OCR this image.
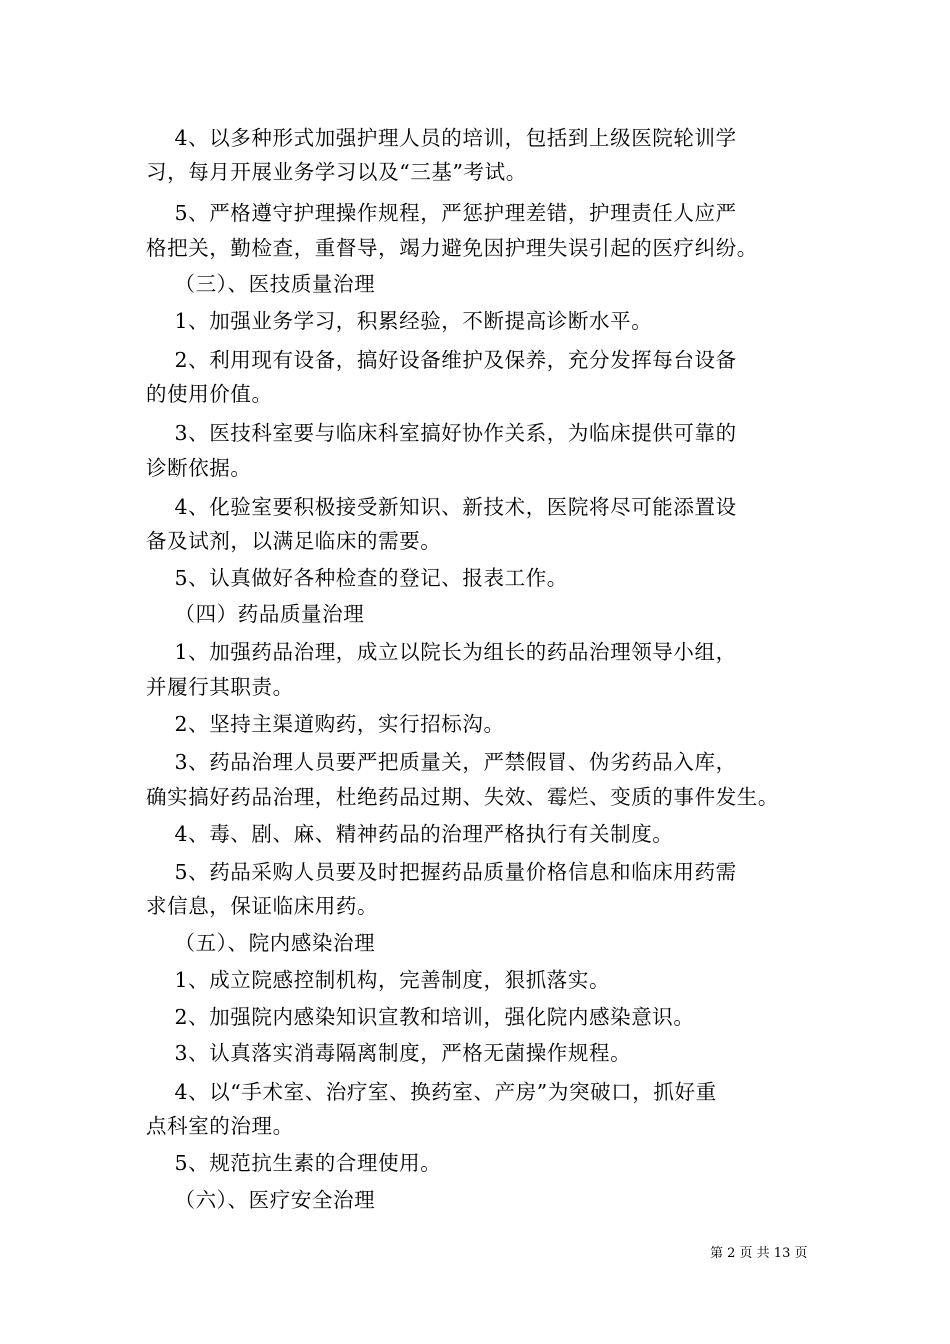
4、以多种形式加强护理人员的培训，包括到上级医院轮训学
习，每月开展业务学习以及“三基”考试。
5、严格遵守护理操作规程，严惩护理差错，护理责任人应严
格把关，勤检查，重督导，竭力避免因护理失误引起的医疗纠纷。
（三）、医技质量治理
1、加强业务学习，积累经验，不断提高诊断水平。
2、利用现有设备，搞好设备维护及保养，充分发挥每台设备
的使用价值。
3、医技科室要与临床科室搞好协作关系，为临床提供可靠的
诊断依据。
4、化验室要积极接受新知识、新技术，医院将尽可能添置设
备及试剂，以满足临床的需要。
5、认真做好各种检查的登记、报表工作。
（四）药品质量治理
1、加强药品治理，成立以院长为组长的药品治理领导小组，
并履行其职责。
2、坚持主渠道购药，实行招标沟。
3、药品治理人员要严把质量关，严禁假冒、伪劣药品入库，
确实搞好药品治理，杜绝药品过期、失效、霉烂、变质的事件发生。
4、毒、剧、麻、精神药品的治理严格执行有关制度。
5、药品采购人员要及时把握药品质量价格信息和临床用药需
求信息，保证临床用药。
（五）、院内感染治理
1、成立院感控制机构，完善制度，狠抓落实。
2、加强院内感染知识宣教和培训，强化院内感染意识。
3、认真落实消毒隔离制度，严格无菌操作规程。
4、以“手术室、治疗室、换药室、产房”为突破口，抓好重
点科室的治理。
5、规范抗生素的合理使用。
（六）、医疗安全治理
第 2 页 共 13 页
